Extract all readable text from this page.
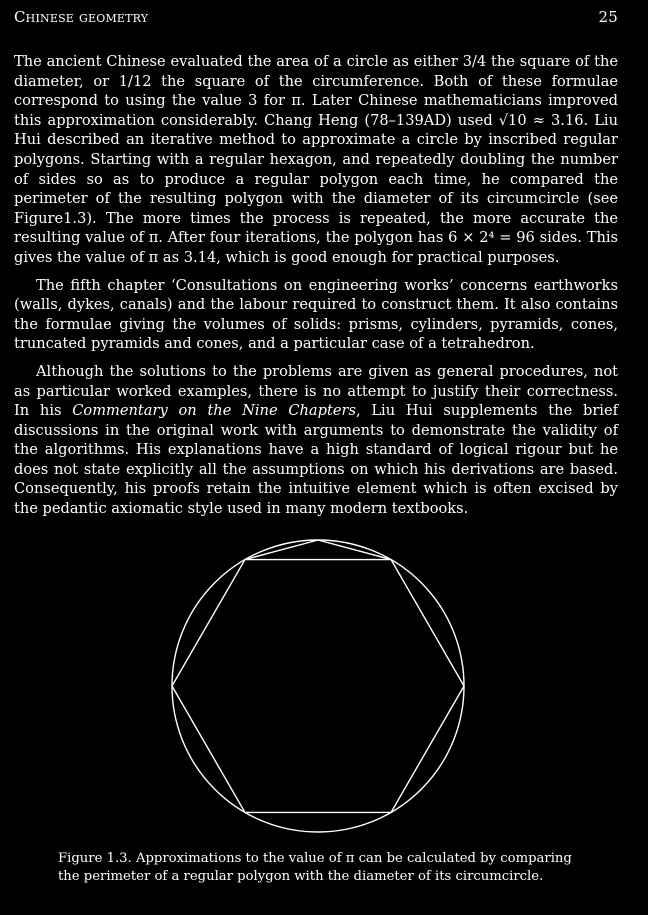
Chinese geometry	25

The ancient Chinese evaluated the area of a circle as either 3/4 the square of the diameter, or 1/12 the square of the circumference. Both of these formulae correspond to using the value 3 for π. Later Chinese mathematicians improved this approximation considerably. Chang Heng (78–139AD) used √10 ≈ 3.16. Liu Hui described an iterative method to approximate a circle by inscribed regular polygons. Starting with a regular hexagon, and repeatedly doubling the number of sides so as to produce a regular polygon each time, he compared the perimeter of the resulting polygon with the diameter of its circumcircle (see Figure1.3). The more times the process is repeated, the more accurate the resulting value of π. After four iterations, the polygon has 6 × 2⁴ = 96 sides. This gives the value of π as 3.14, which is good enough for practical purposes.

The fifth chapter ‘Consultations on engineering works’ concerns earthworks (walls, dykes, canals) and the labour required to construct them. It also contains the formulae giving the volumes of solids: prisms, cylinders, pyramids, cones, truncated pyramids and cones, and a particular case of a tetrahedron.

Although the solutions to the problems are given as general procedures, not as particular worked examples, there is no attempt to justify their correctness. In his Commentary on the Nine Chapters, Liu Hui supplements the brief discussions in the original work with arguments to demonstrate the validity of the algorithms. His explanations have a high standard of logical rigour but he does not state explicitly all the assumptions on which his derivations are based. Consequently, his proofs retain the intuitive element which is often excised by the pedantic axiomatic style used in many modern textbooks.

Figure 1.3. Approximations to the value of π can be calculated by comparing the perimeter of a regular polygon with the diameter of its circumcircle.
